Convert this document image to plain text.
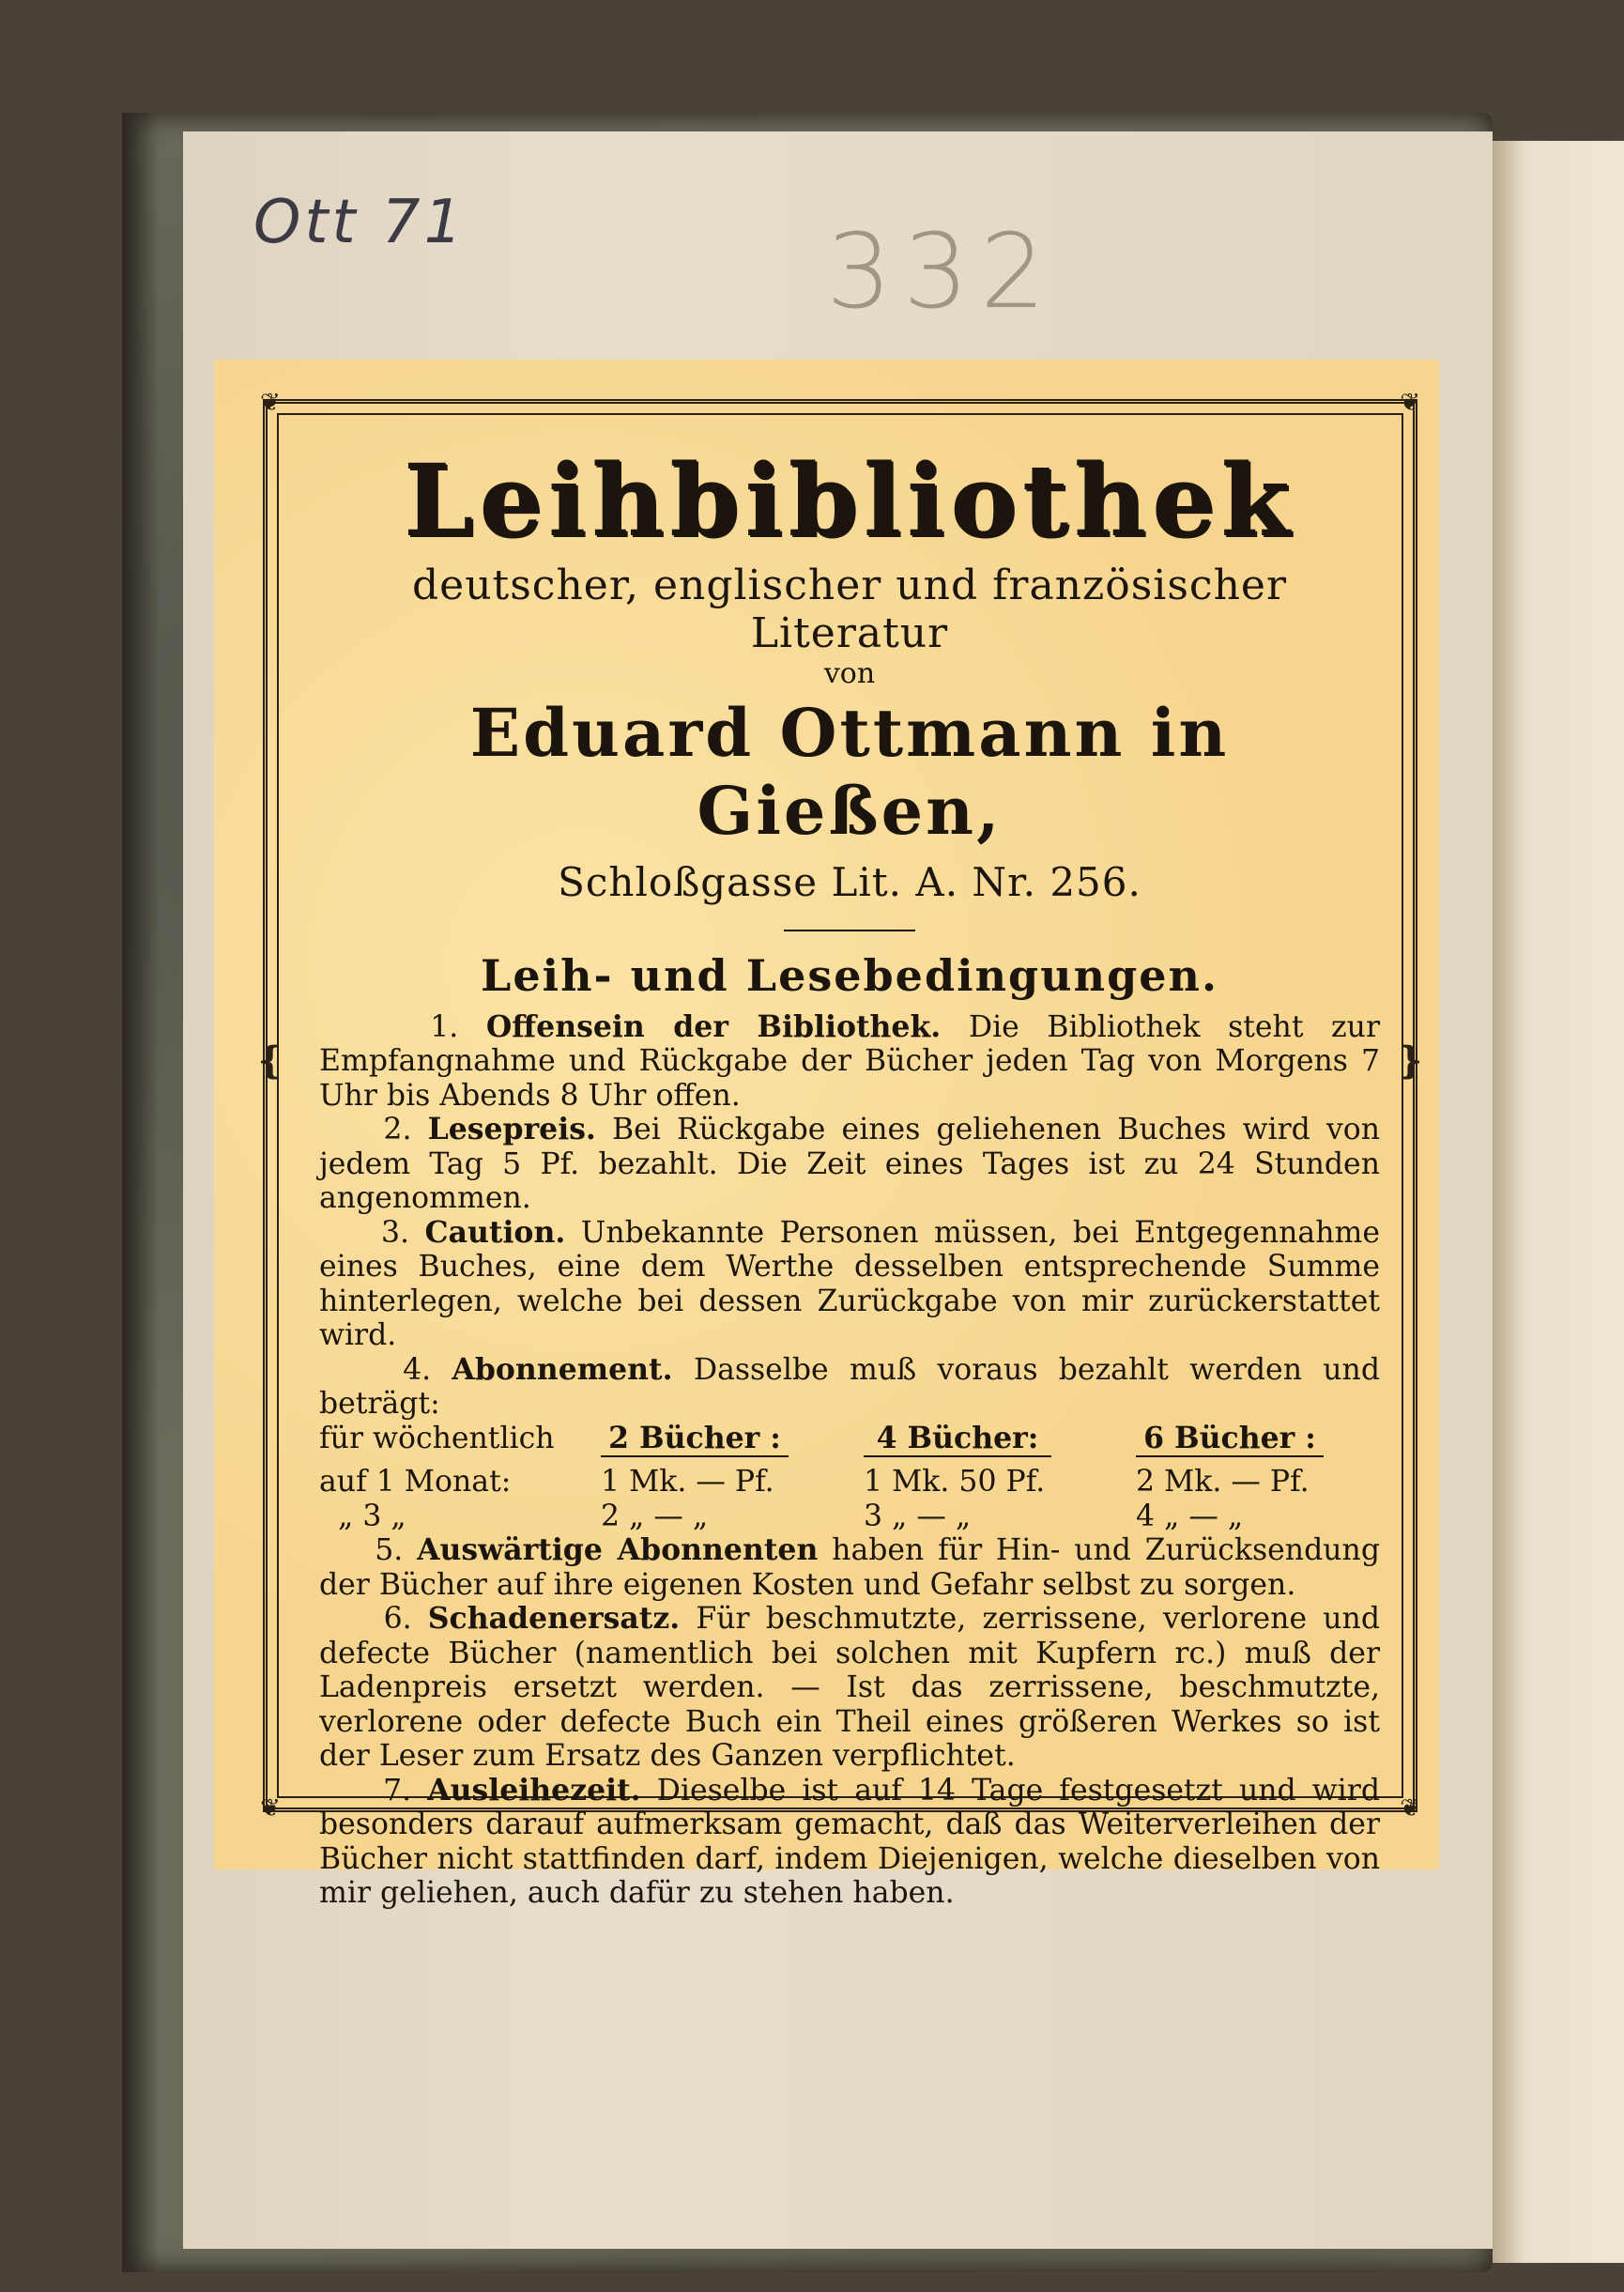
Ott 71	332
❦	❦
❦	❦
❴	❵
Leihbibliothek

deutscher, englischer und französischer Literatur

von

Eduard Ottmann in Gießen,

Schloßgasse Lit. A. Nr. 256.

Leih- und Lesebedingungen.

1. Offensein der Bibliothek. Die Bibliothek steht zur Empfangnahme und Rückgabe der Bücher jeden Tag von Morgens 7 Uhr bis Abends 8 Uhr offen.

2. Lesepreis. Bei Rückgabe eines geliehenen Buches wird von jedem Tag 5 Pf. bezahlt. Die Zeit eines Tages ist zu 24 Stunden angenommen.

3. Caution. Unbekannte Personen müssen, bei Entgegennahme eines Buches, eine dem Werthe desselben entsprechende Summe hinterlegen, welche bei dessen Zurückgabe von mir zurückerstattet wird.

4. Abonnement. Dasselbe muß voraus bezahlt werden und beträgt:

für wöchentlich	2 Bücher :	4 Bücher:	6 Bücher :
auf 1 Monat:	1 Mk. — Pf.	1 Mk. 50 Pf.	2 Mk. — Pf.
„ 3 „	2 „ — „	3 „ — „	4 „ — „

5. Auswärtige Abonnenten haben für Hin- und Zurücksendung der Bücher auf ihre eigenen Kosten und Gefahr selbst zu sorgen.

6. Schadenersatz. Für beschmutzte, zerrissene, verlorene und defecte Bücher (namentlich bei solchen mit Kupfern rc.) muß der Ladenpreis ersetzt werden. — Ist das zerrissene, beschmutzte, verlorene oder defecte Buch ein Theil eines größeren Werkes so ist der Leser zum Ersatz des Ganzen verpflichtet.

7. Ausleihezeit. Dieselbe ist auf 14 Tage festgesetzt und wird besonders darauf aufmerksam gemacht, daß das Weiterverleihen der Bücher nicht stattfinden darf, indem Diejenigen, welche dieselben von mir geliehen, auch dafür zu stehen haben.
